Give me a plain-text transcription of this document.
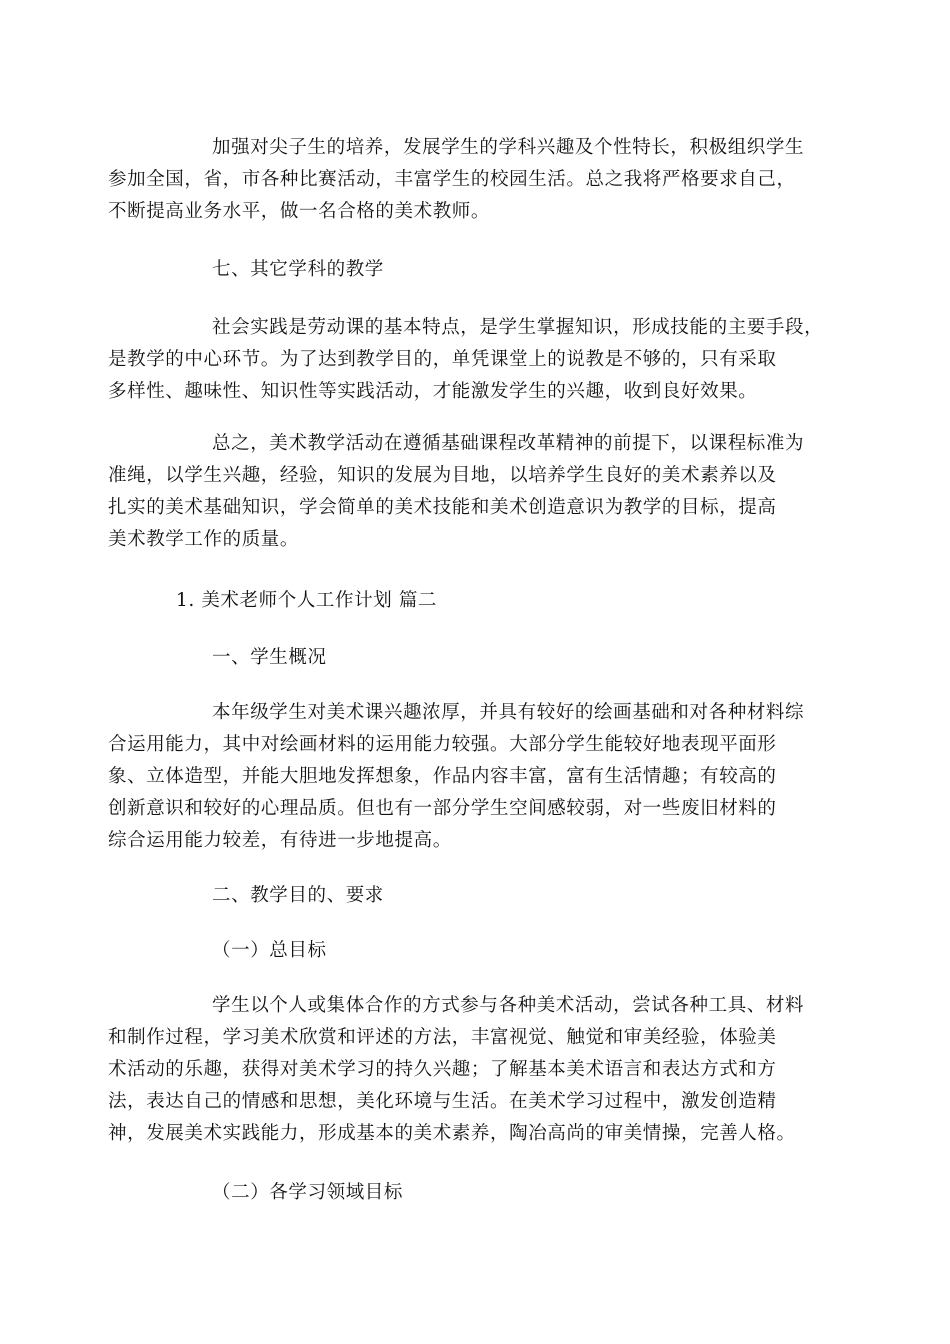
加强对尖子生的培养，发展学生的学科兴趣及个性特长，积极组织学生
参加全国，省，市各种比赛活动，丰富学生的校园生活。总之我将严格要求自己，
不断提高业务水平，做一名合格的美术教师。
七、其它学科的教学
社会实践是劳动课的基本特点，是学生掌握知识，形成技能的主要手段，
是教学的中心环节。为了达到教学目的，单凭课堂上的说教是不够的，只有采取
多样性、趣味性、知识性等实践活动，才能激发学生的兴趣，收到良好效果。
总之，美术教学活动在遵循基础课程改革精神的前提下，以课程标准为
准绳，以学生兴趣，经验，知识的发展为目地，以培养学生良好的美术素养以及
扎实的美术基础知识，学会简单的美术技能和美术创造意识为教学的目标，提高
美术教学工作的质量。
1. 美术老师个人工作计划 篇二
一、学生概况
本年级学生对美术课兴趣浓厚，并具有较好的绘画基础和对各种材料综
合运用能力，其中对绘画材料的运用能力较强。大部分学生能较好地表现平面形
象、立体造型，并能大胆地发挥想象，作品内容丰富，富有生活情趣；有较高的
创新意识和较好的心理品质。但也有一部分学生空间感较弱，对一些废旧材料的
综合运用能力较差，有待进一步地提高。
二、教学目的、要求
（一）总目标
学生以个人或集体合作的方式参与各种美术活动，尝试各种工具、材料
和制作过程，学习美术欣赏和评述的方法，丰富视觉、触觉和审美经验，体验美
术活动的乐趣，获得对美术学习的持久兴趣；了解基本美术语言和表达方式和方
法，表达自己的情感和思想，美化环境与生活。在美术学习过程中，激发创造精
神，发展美术实践能力，形成基本的美术素养，陶冶高尚的审美情操，完善人格。
（二）各学习领域目标
